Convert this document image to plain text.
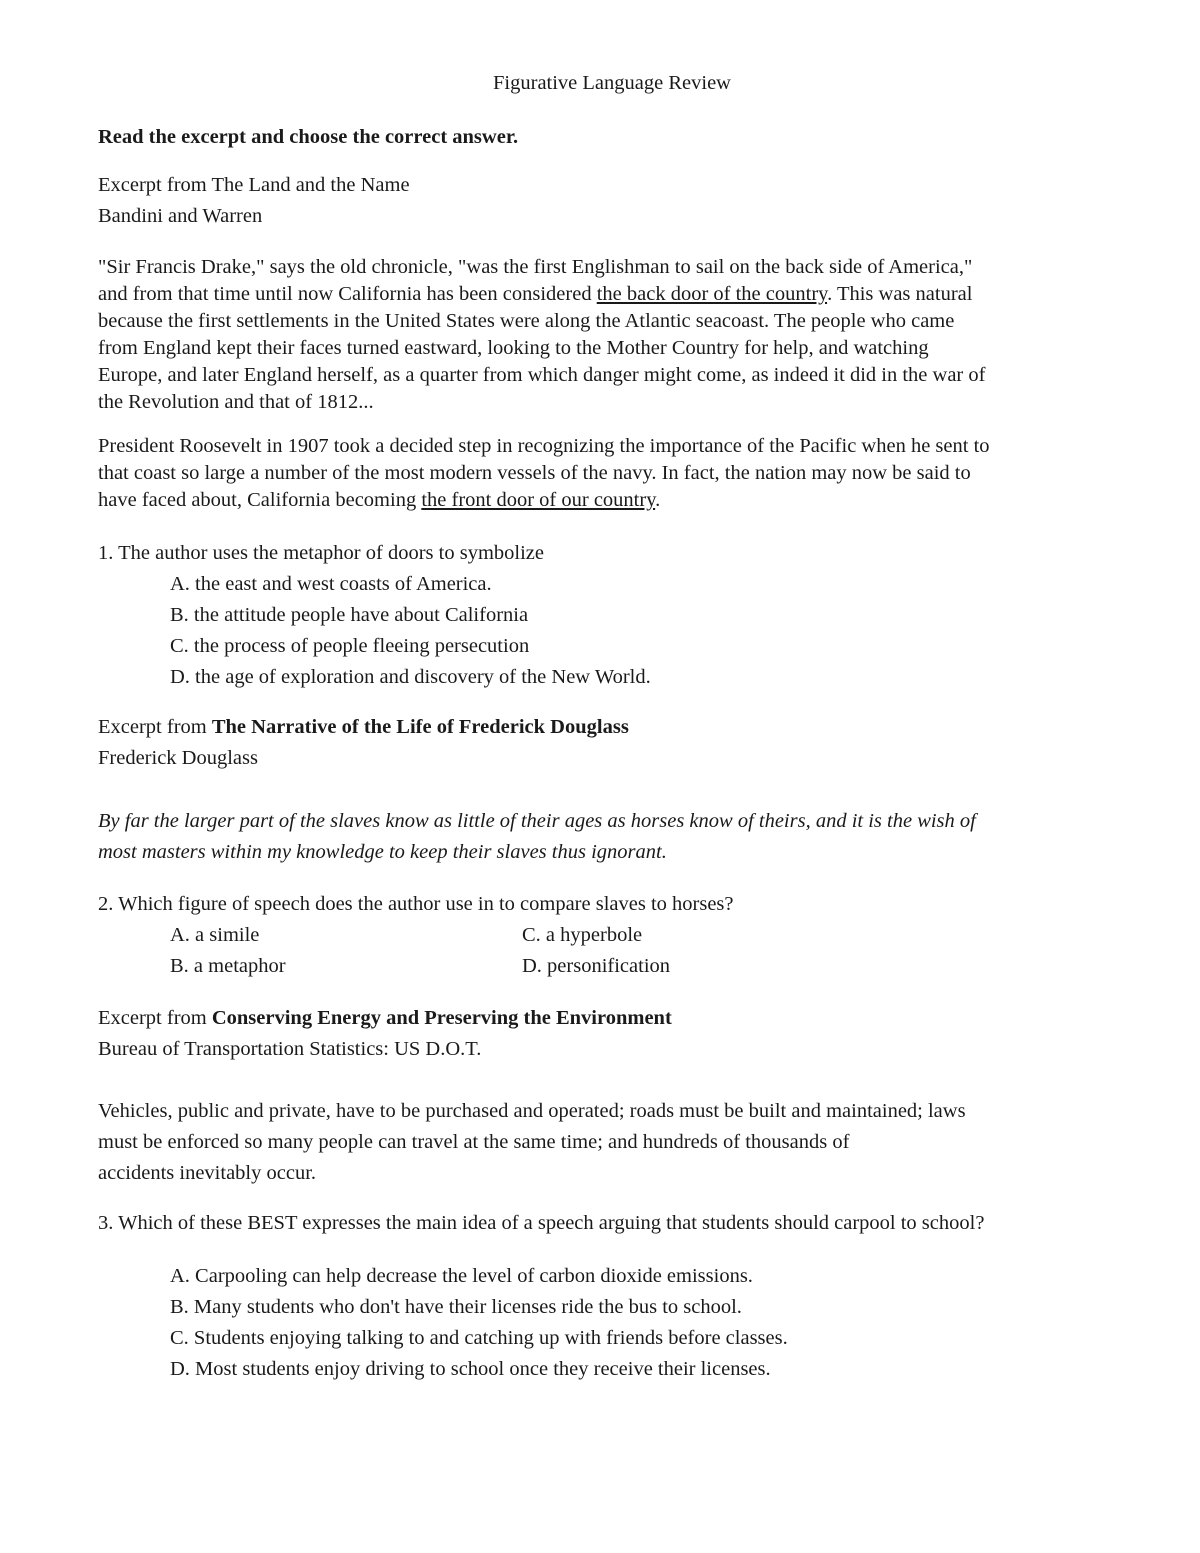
Figurative Language Review
Read the excerpt and choose the correct answer.
Excerpt from The Land and the Name
Bandini and Warren
"Sir Francis Drake," says the old chronicle, "was the first Englishman to sail on the back side of America,"
and from that time until now California has been considered the back door of the country. This was natural
because the first settlements in the United States were along the Atlantic seacoast. The people who came
from England kept their faces turned eastward, looking to the Mother Country for help, and watching
Europe, and later England herself, as a quarter from which danger might come, as indeed it did in the war of
the Revolution and that of 1812...
President Roosevelt in 1907 took a decided step in recognizing the importance of the Pacific when he sent to
that coast so large a number of the most modern vessels of the navy. In fact, the nation may now be said to
have faced about, California becoming the front door of our country.
1. The author uses the metaphor of doors to symbolize
A. the east and west coasts of America.
B. the attitude people have about California
C. the process of people fleeing persecution
D. the age of exploration and discovery of the New World.
Excerpt from The Narrative of the Life of Frederick Douglass
Frederick Douglass
By far the larger part of the slaves know as little of their ages as horses know of theirs, and it is the wish of
most masters within my knowledge to keep their slaves thus ignorant.
2. Which figure of speech does the author use in to compare slaves to horses?
A. a simile
B. a metaphor
C. a hyperbole
D. personification
Excerpt from Conserving Energy and Preserving the Environment
Bureau of Transportation Statistics: US D.O.T.
Vehicles, public and private, have to be purchased and operated; roads must be built and maintained; laws
must be enforced so many people can travel at the same time; and hundreds of thousands of
accidents inevitably occur.
3. Which of these BEST expresses the main idea of a speech arguing that students should carpool to school?
A. Carpooling can help decrease the level of carbon dioxide emissions.
B. Many students who don't have their licenses ride the bus to school.
C. Students enjoying talking to and catching up with friends before classes.
D. Most students enjoy driving to school once they receive their licenses.
